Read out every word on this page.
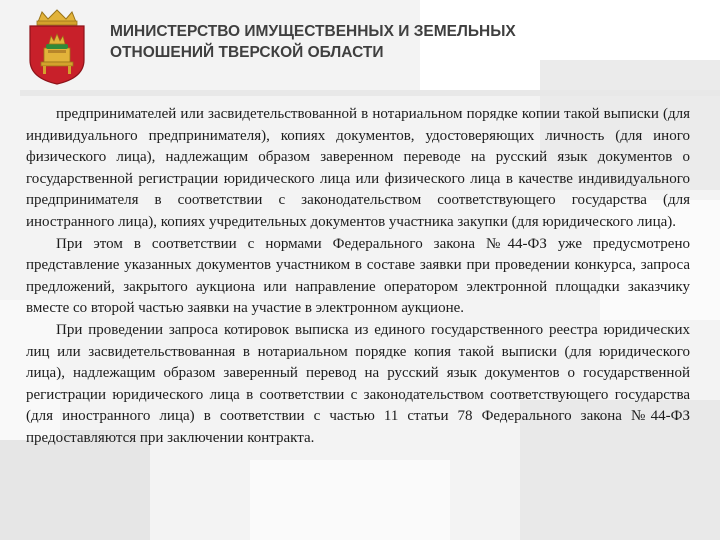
МИНИСТЕРСТВО ИМУЩЕСТВЕННЫХ И ЗЕМЕЛЬНЫХ
ОТНОШЕНИЙ ТВЕРСКОЙ ОБЛАСТИ

предпринимателей или засвидетельствованной в нотариальном порядке копии такой выписки (для индивидуального предпринимателя), копиях документов, удостоверяющих личность (для иного физического лица), надлежащим образом заверенном переводе на русский язык документов о государственной регистрации юридического лица или физического лица в качестве индивидуального предпринимателя в соответствии с законодательством соответствующего государства (для иностранного лица), копиях учредительных документов участника закупки (для юридического лица).

При этом в соответствии с нормами Федерального закона №44-ФЗ уже предусмотрено представление указанных документов участником в составе заявки при проведении конкурса, запроса предложений, закрытого аукциона или направление оператором электронной площадки заказчику вместе со второй частью заявки на участие в электронном аукционе.

При проведении запроса котировок выписка из единого государственного реестра юридических лиц или засвидетельствованная в нотариальном порядке копия такой выписки (для юридического лица), надлежащим образом заверенный перевод на русский язык документов о государственной регистрации юридического лица в соответствии с законодательством соответствующего государства (для иностранного лица) в соответствии с частью 11 статьи 78 Федерального закона №44-ФЗ предоставляются при заключении контракта.
